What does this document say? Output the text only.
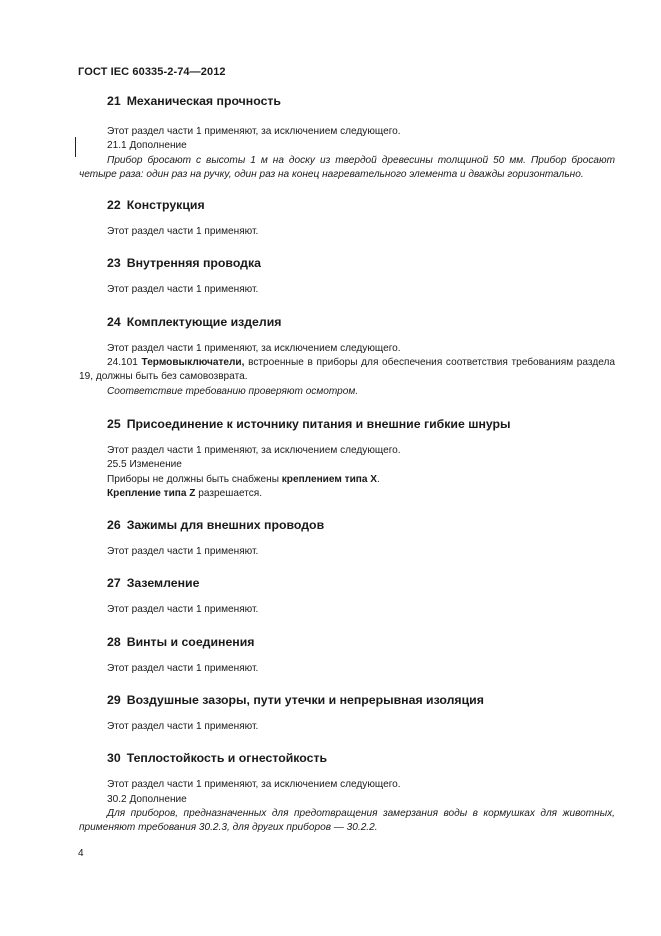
ГОСТ IEC 60335-2-74—2012
21 Механическая прочность

Этот раздел части 1 применяют, за исключением следующего.

21.1 Дополнение

Прибор бросают с высоты 1 м на доску из твердой древесины толщиной 50 мм. Прибор бросают четыре раза: один раз на ручку, один раз на конец нагревательного элемента и дважды горизонтально.

22 Конструкция

Этот раздел части 1 применяют.

23 Внутренняя проводка

Этот раздел части 1 применяют.

24 Комплектующие изделия

Этот раздел части 1 применяют, за исключением следующего.

24.101 Термовыключатели, встроенные в приборы для обеспечения соответствия требованиям раздела 19, должны быть без самовозврата.

Соответствие требованию проверяют осмотром.

25 Присоединение к источнику питания и внешние гибкие шнуры

Этот раздел части 1 применяют, за исключением следующего.

25.5 Изменение

Приборы не должны быть снабжены креплением типа X.

Крепление типа Z разрешается.

26 Зажимы для внешних проводов

Этот раздел части 1 применяют.

27 Заземление

Этот раздел части 1 применяют.

28 Винты и соединения

Этот раздел части 1 применяют.

29 Воздушные зазоры, пути утечки и непрерывная изоляция

Этот раздел части 1 применяют.

30 Теплостойкость и огнестойкость

Этот раздел части 1 применяют, за исключением следующего.

30.2 Дополнение

Для приборов, предназначенных для предотвращения замерзания воды в кормушках для животных, применяют требования 30.2.3, для других приборов — 30.2.2.

4
